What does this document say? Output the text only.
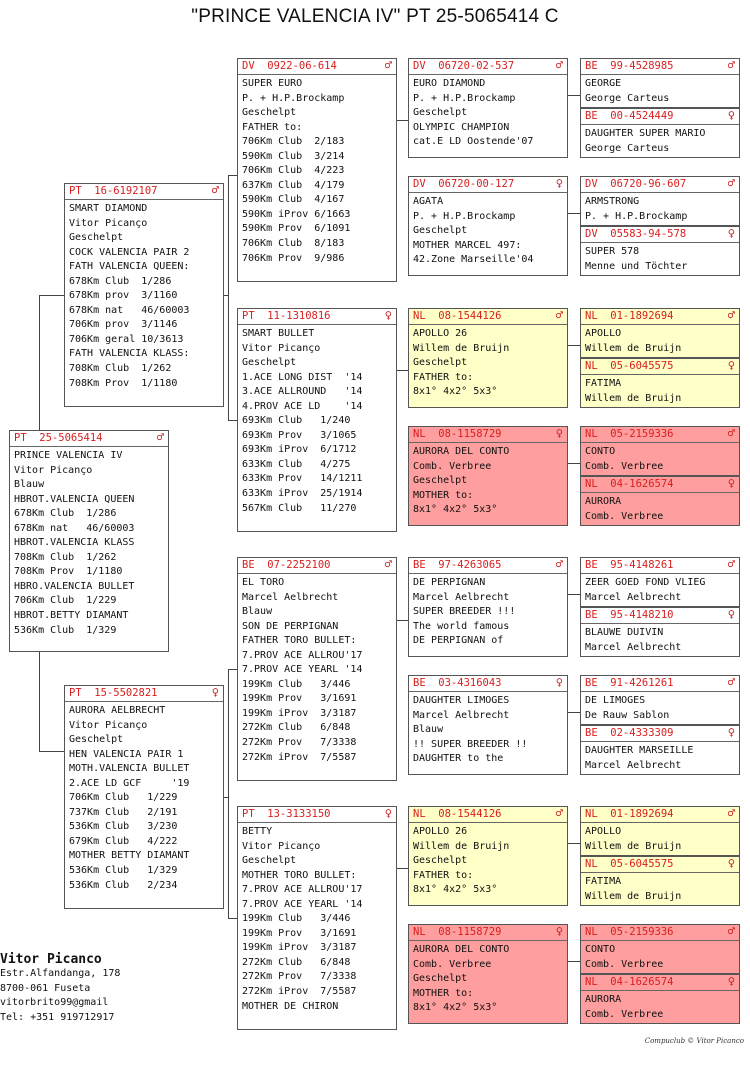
"PRINCE VALENCIA IV" PT 25-5065414 C
PT  25-5065414	♂
PRINCE VALENCIA IV
Vitor Picanço
Blauw
HBROT.VALENCIA QUEEN
678Km Club  1/286
678Km nat   46/60003
HBROT.VALENCIA KLASS
708Km Club  1/262
708Km Prov  1/1180
HBRO.VALENCIA BULLET
706Km Club  1/229
HBROT.BETTY DIAMANT
536Km Club  1/329
PT  16-6192107	♂
SMART DIAMOND
Vitor Picanço
Geschelpt
COCK VALENCIA PAIR 2
FATH VALENCIA QUEEN:
678Km Club  1/286
678Km prov  3/1160
678Km nat   46/60003
706Km prov  3/1146
706Km geral 10/3613
FATH VALENCIA KLASS:
708Km Club  1/262
708Km Prov  1/1180
PT  15-5502821	♀
AURORA AELBRECHT
Vitor Picanço
Geschelpt
HEN VALENCIA PAIR 1
MOTH.VALENCIA BULLET
2.ACE LD GCF     '19
706Km Club   1/229
737Km Club   2/191
536Km Club   3/230
679Km Club   4/222
MOTHER BETTY DIAMANT
536Km Club   1/329
536Km Club   2/234
DV  0922-06-614	♂
SUPER EURO
P. + H.P.Brockamp
Geschelpt
FATHER to:
706Km Club  2/183
590Km Club  3/214
706Km Club  4/223
637Km Club  4/179
590Km Club  4/167
590Km iProv 6/1663
590Km Prov  6/1091
706Km Club  8/183
706Km Prov  9/986
PT  11-1310816	♀
SMART BULLET
Vitor Picanço
Geschelpt
1.ACE LONG DIST  '14
3.ACE ALLROUND   '14
4.PROV ACE LD    '14
693Km Club   1/240
693Km Prov   3/1065
693Km iProv  6/1712
633Km Club   4/275
633Km Prov   14/1211
633Km iProv  25/1914
567Km Club   11/270
BE  07-2252100	♂
EL TORO
Marcel Aelbrecht
Blauw
SON DE PERPIGNAN
FATHER TORO BULLET:
7.PROV ACE ALLROU'17
7.PROV ACE YEARL '14
199Km Club   3/446
199Km Prov   3/1691
199Km iProv  3/3187
272Km Club   6/848
272Km Prov   7/3338
272Km iProv  7/5587
PT  13-3133150	♀
BETTY
Vitor Picanço
Geschelpt
MOTHER TORO BULLET:
7.PROV ACE ALLROU'17
7.PROV ACE YEARL '14
199Km Club   3/446
199Km Prov   3/1691
199Km iProv  3/3187
272Km Club   6/848
272Km Prov   7/3338
272Km iProv  7/5587
MOTHER DE CHIRON
DV  06720-02-537	♂
EURO DIAMOND
P. + H.P.Brockamp
Geschelpt
OLYMPIC CHAMPION
cat.E LD Oostende'07
DV  06720-00-127	♀
AGATA
P. + H.P.Brockamp
Geschelpt
MOTHER MARCEL 497:
42.Zone Marseille'04
NL  08-1544126	♂
APOLLO 26
Willem de Bruijn
Geschelpt
FATHER to:
8x1° 4x2° 5x3°
NL  08-1158729	♀
AURORA DEL CONTO
Comb. Verbree
Geschelpt
MOTHER to:
8x1° 4x2° 5x3°
BE  97-4263065	♂
DE PERPIGNAN
Marcel Aelbrecht
SUPER BREEDER !!!
The world famous
DE PERPIGNAN of
BE  03-4316043	♀
DAUGHTER LIMOGES
Marcel Aelbrecht
Blauw
!! SUPER BREEDER !!
DAUGHTER to the
NL  08-1544126	♂
APOLLO 26
Willem de Bruijn
Geschelpt
FATHER to:
8x1° 4x2° 5x3°
NL  08-1158729	♀
AURORA DEL CONTO
Comb. Verbree
Geschelpt
MOTHER to:
8x1° 4x2° 5x3°
BE  99-4528985	♂
GEORGE
George Carteus
BE  00-4524449	♀
DAUGHTER SUPER MARIO
George Carteus
DV  06720-96-607	♂
ARMSTRONG
P. + H.P.Brockamp
DV  05583-94-578	♀
SUPER 578
Menne und Töchter
NL  01-1892694	♂
APOLLO
Willem de Bruijn
NL  05-6045575	♀
FATIMA
Willem de Bruijn
NL  05-2159336	♂
CONTO
Comb. Verbree
NL  04-1626574	♀
AURORA
Comb. Verbree
BE  95-4148261	♂
ZEER GOED FOND VLIEG
Marcel Aelbrecht
BE  95-4148210	♀
BLAUWE DUIVIN
Marcel Aelbrecht
BE  91-4261261	♂
DE LIMOGES
De Rauw Sablon
BE  02-4333309	♀
DAUGHTER MARSEILLE
Marcel Aelbrecht
NL  01-1892694	♂
APOLLO
Willem de Bruijn
NL  05-6045575	♀
FATIMA
Willem de Bruijn
NL  05-2159336	♂
CONTO
Comb. Verbree
NL  04-1626574	♀
AURORA
Comb. Verbree
Vitor Picanco
Estr.Alfandanga, 178
8700-061 Fuseta
vitorbrito99@gmail
Tel: +351 919712917
Compuclub © Vitor Picanco
